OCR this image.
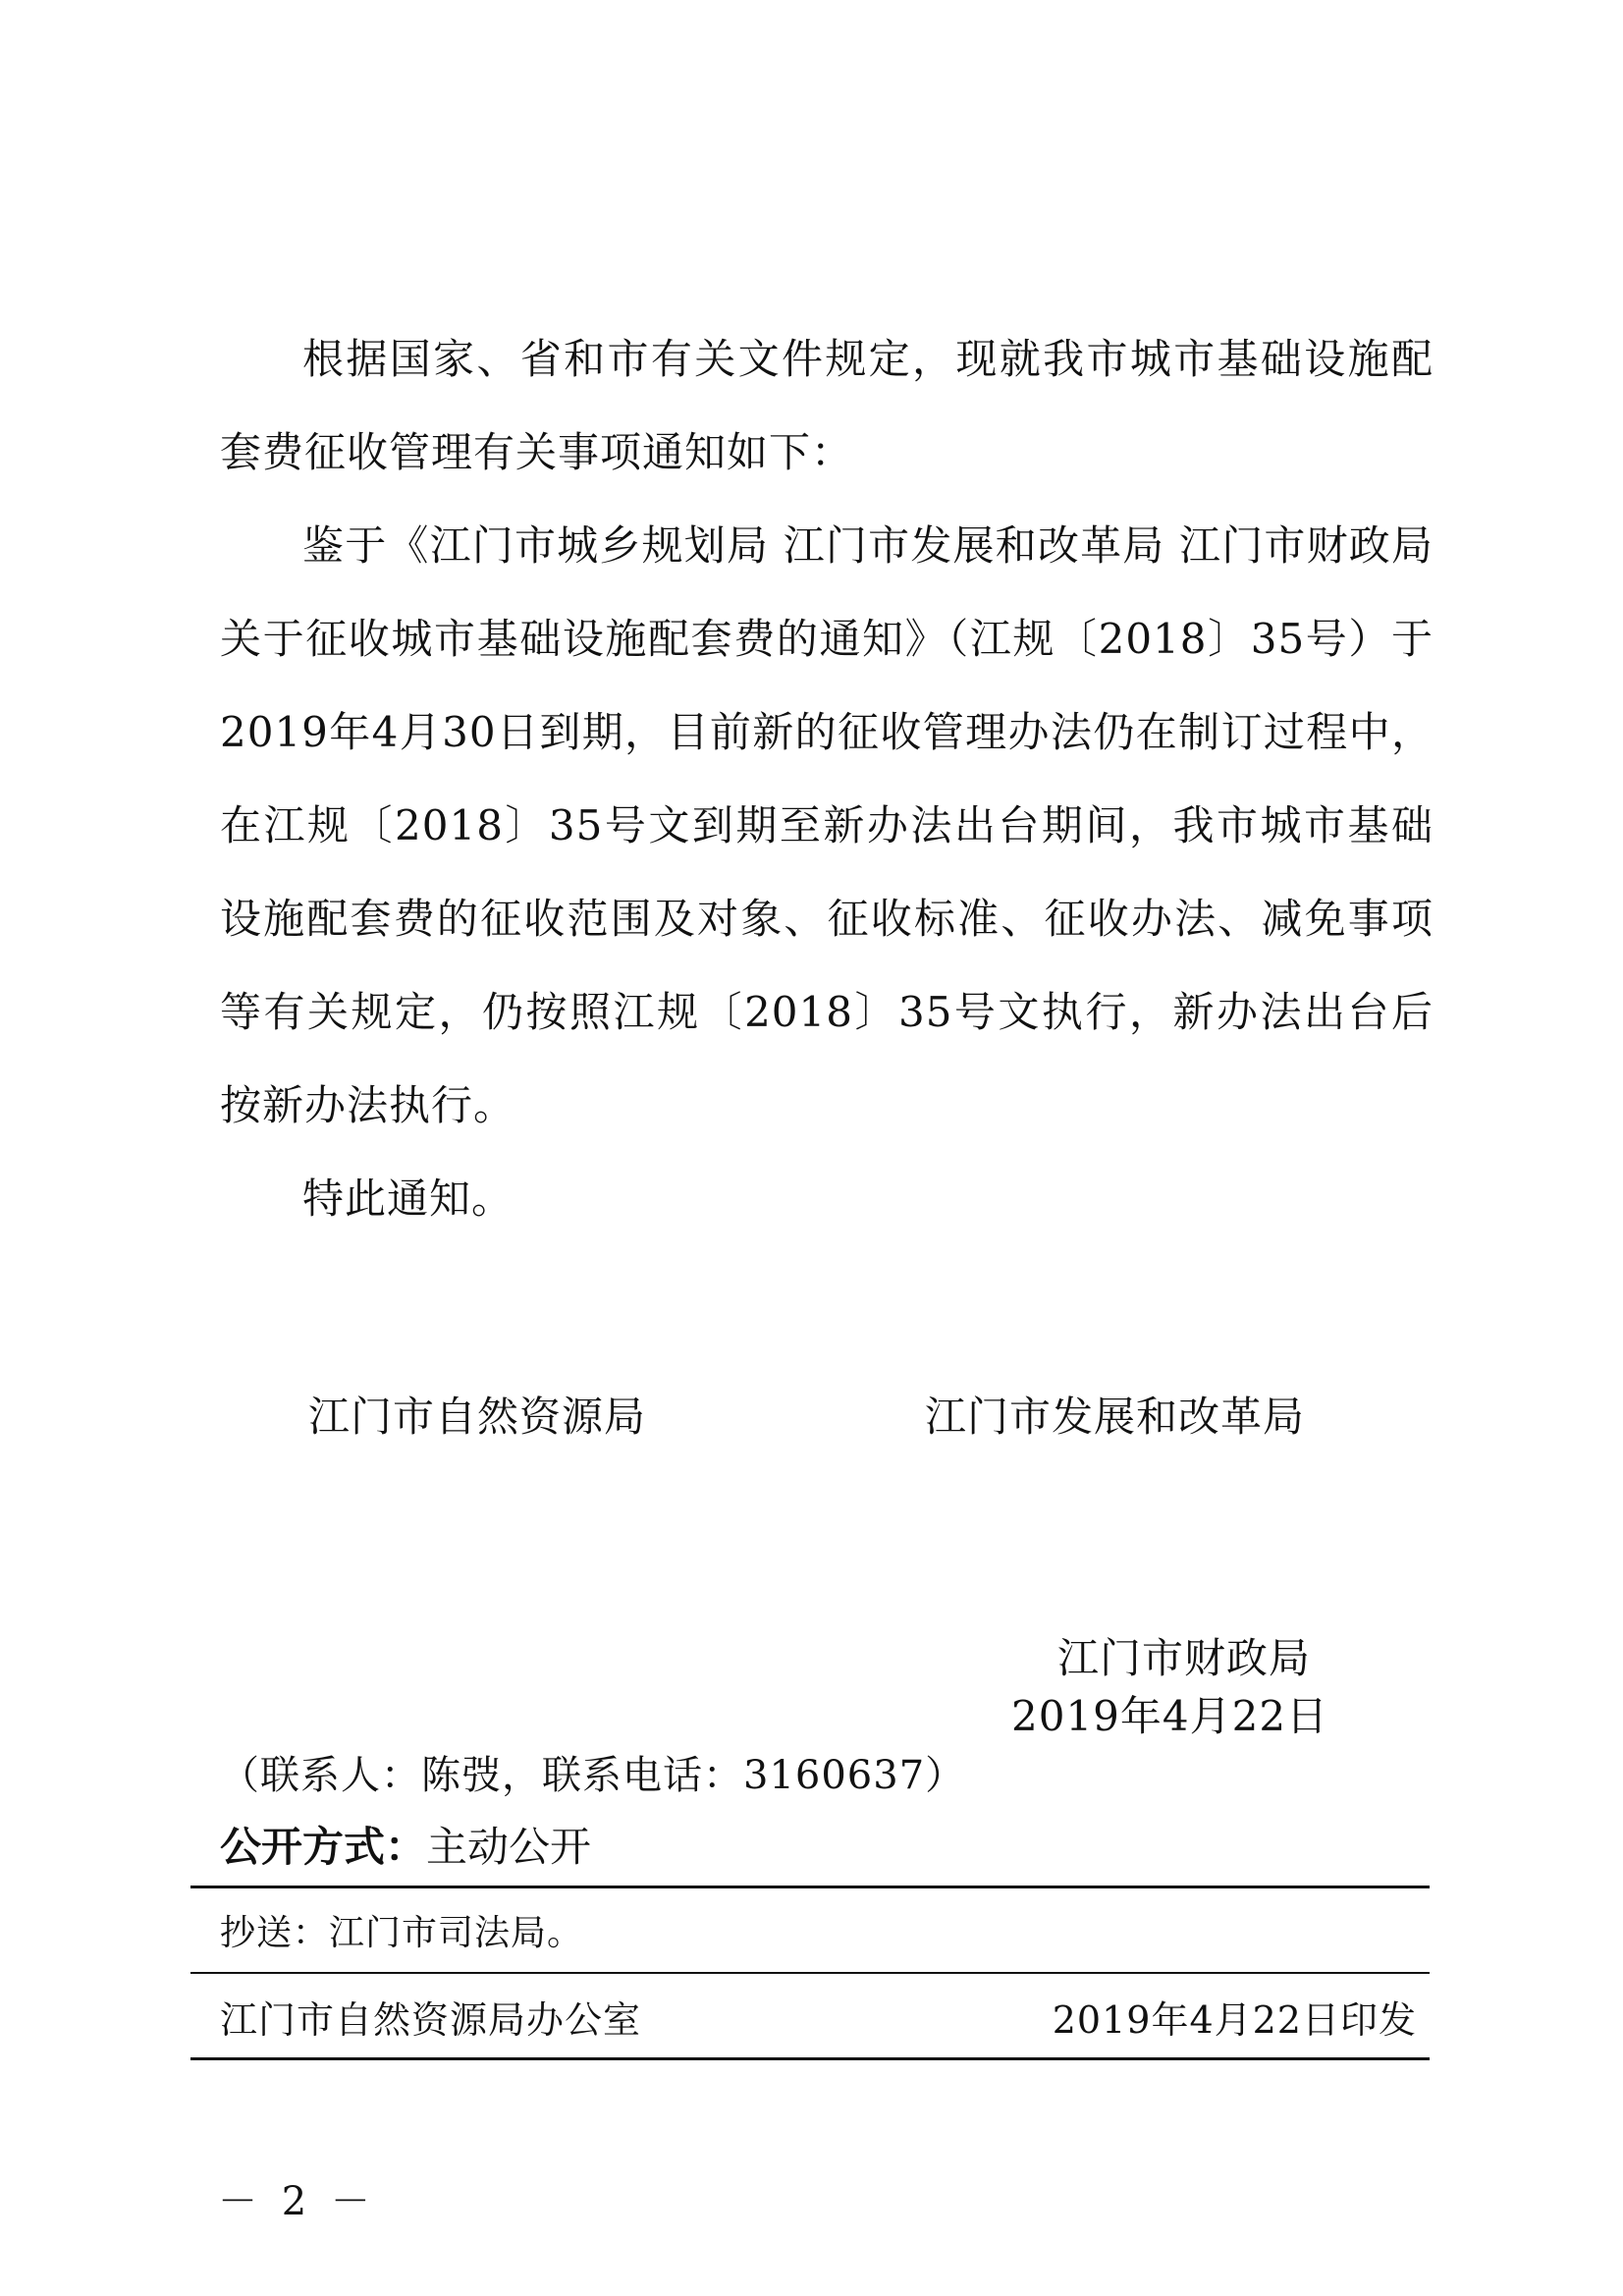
根据国家、省和市有关文件规定，现就我市城市基础设施配套费征收管理有关事项通知如下：

鉴于《江门市城乡规划局 江门市发展和改革局 江门市财政局关于征收城市基础设施配套费的通知》（江规〔2018〕35号）于2019年4月30日到期，目前新的征收管理办法仍在制订过程中，在江规〔2018〕35号文到期至新办法出台期间，我市城市基础设施配套费的征收范围及对象、征收标准、征收办法、减免事项等有关规定，仍按照江规〔2018〕35号文执行，新办法出台后按新办法执行。

特此通知。

江门市自然资源局	江门市发展和改革局
江门市财政局
2019年4月22日
（联系人：陈弢，联系电话：3160637）
公开方式：主动公开
抄送：江门市司法局。
江门市自然资源局办公室	2019年4月22日印发
－ 2 －
